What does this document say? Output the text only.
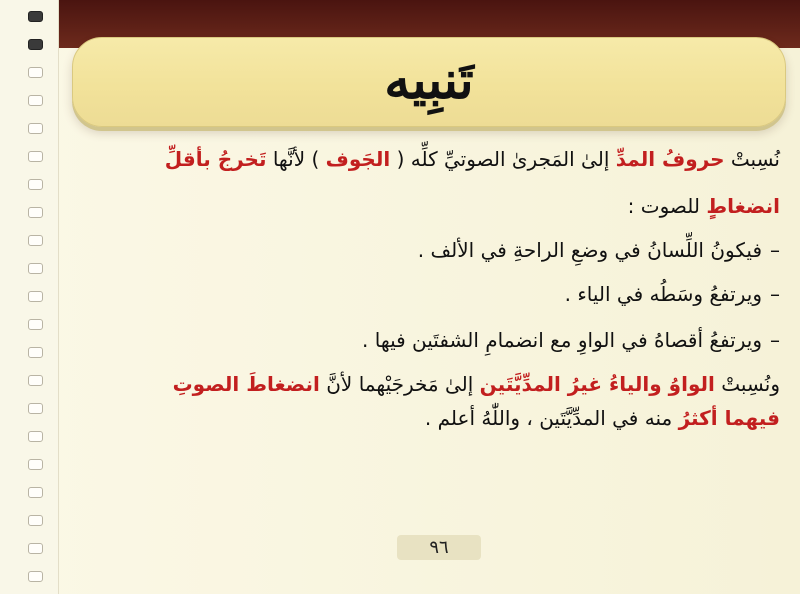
تَنبِيه

نُسِبتْ حروفُ المدِّ إلىٰ المَجرىٰ الصوتيِّ كلِّه ( الجَوف ) لأنَّها تَخرجُ بأقلِّ

انضغاطٍ للصوت :

–فيكونُ اللِّسانُ في وضعِ الراحةِ في الألف .

–ويرتفعُ وسَطُه في الياء .

–ويرتفعُ أقصاهُ في الواوِ مع انضمامِ الشفتَين فيها .

ونُسِبتْ الواوُ والياءُ غيرُ المدِّيَّتَين إلىٰ مَخرجَيْهما لأنَّ انضغاطَ الصوتِ
فيهما أكثرُ منه في المدِّيَّتَين ، واللّٰهُ أعلم .

٩٦
